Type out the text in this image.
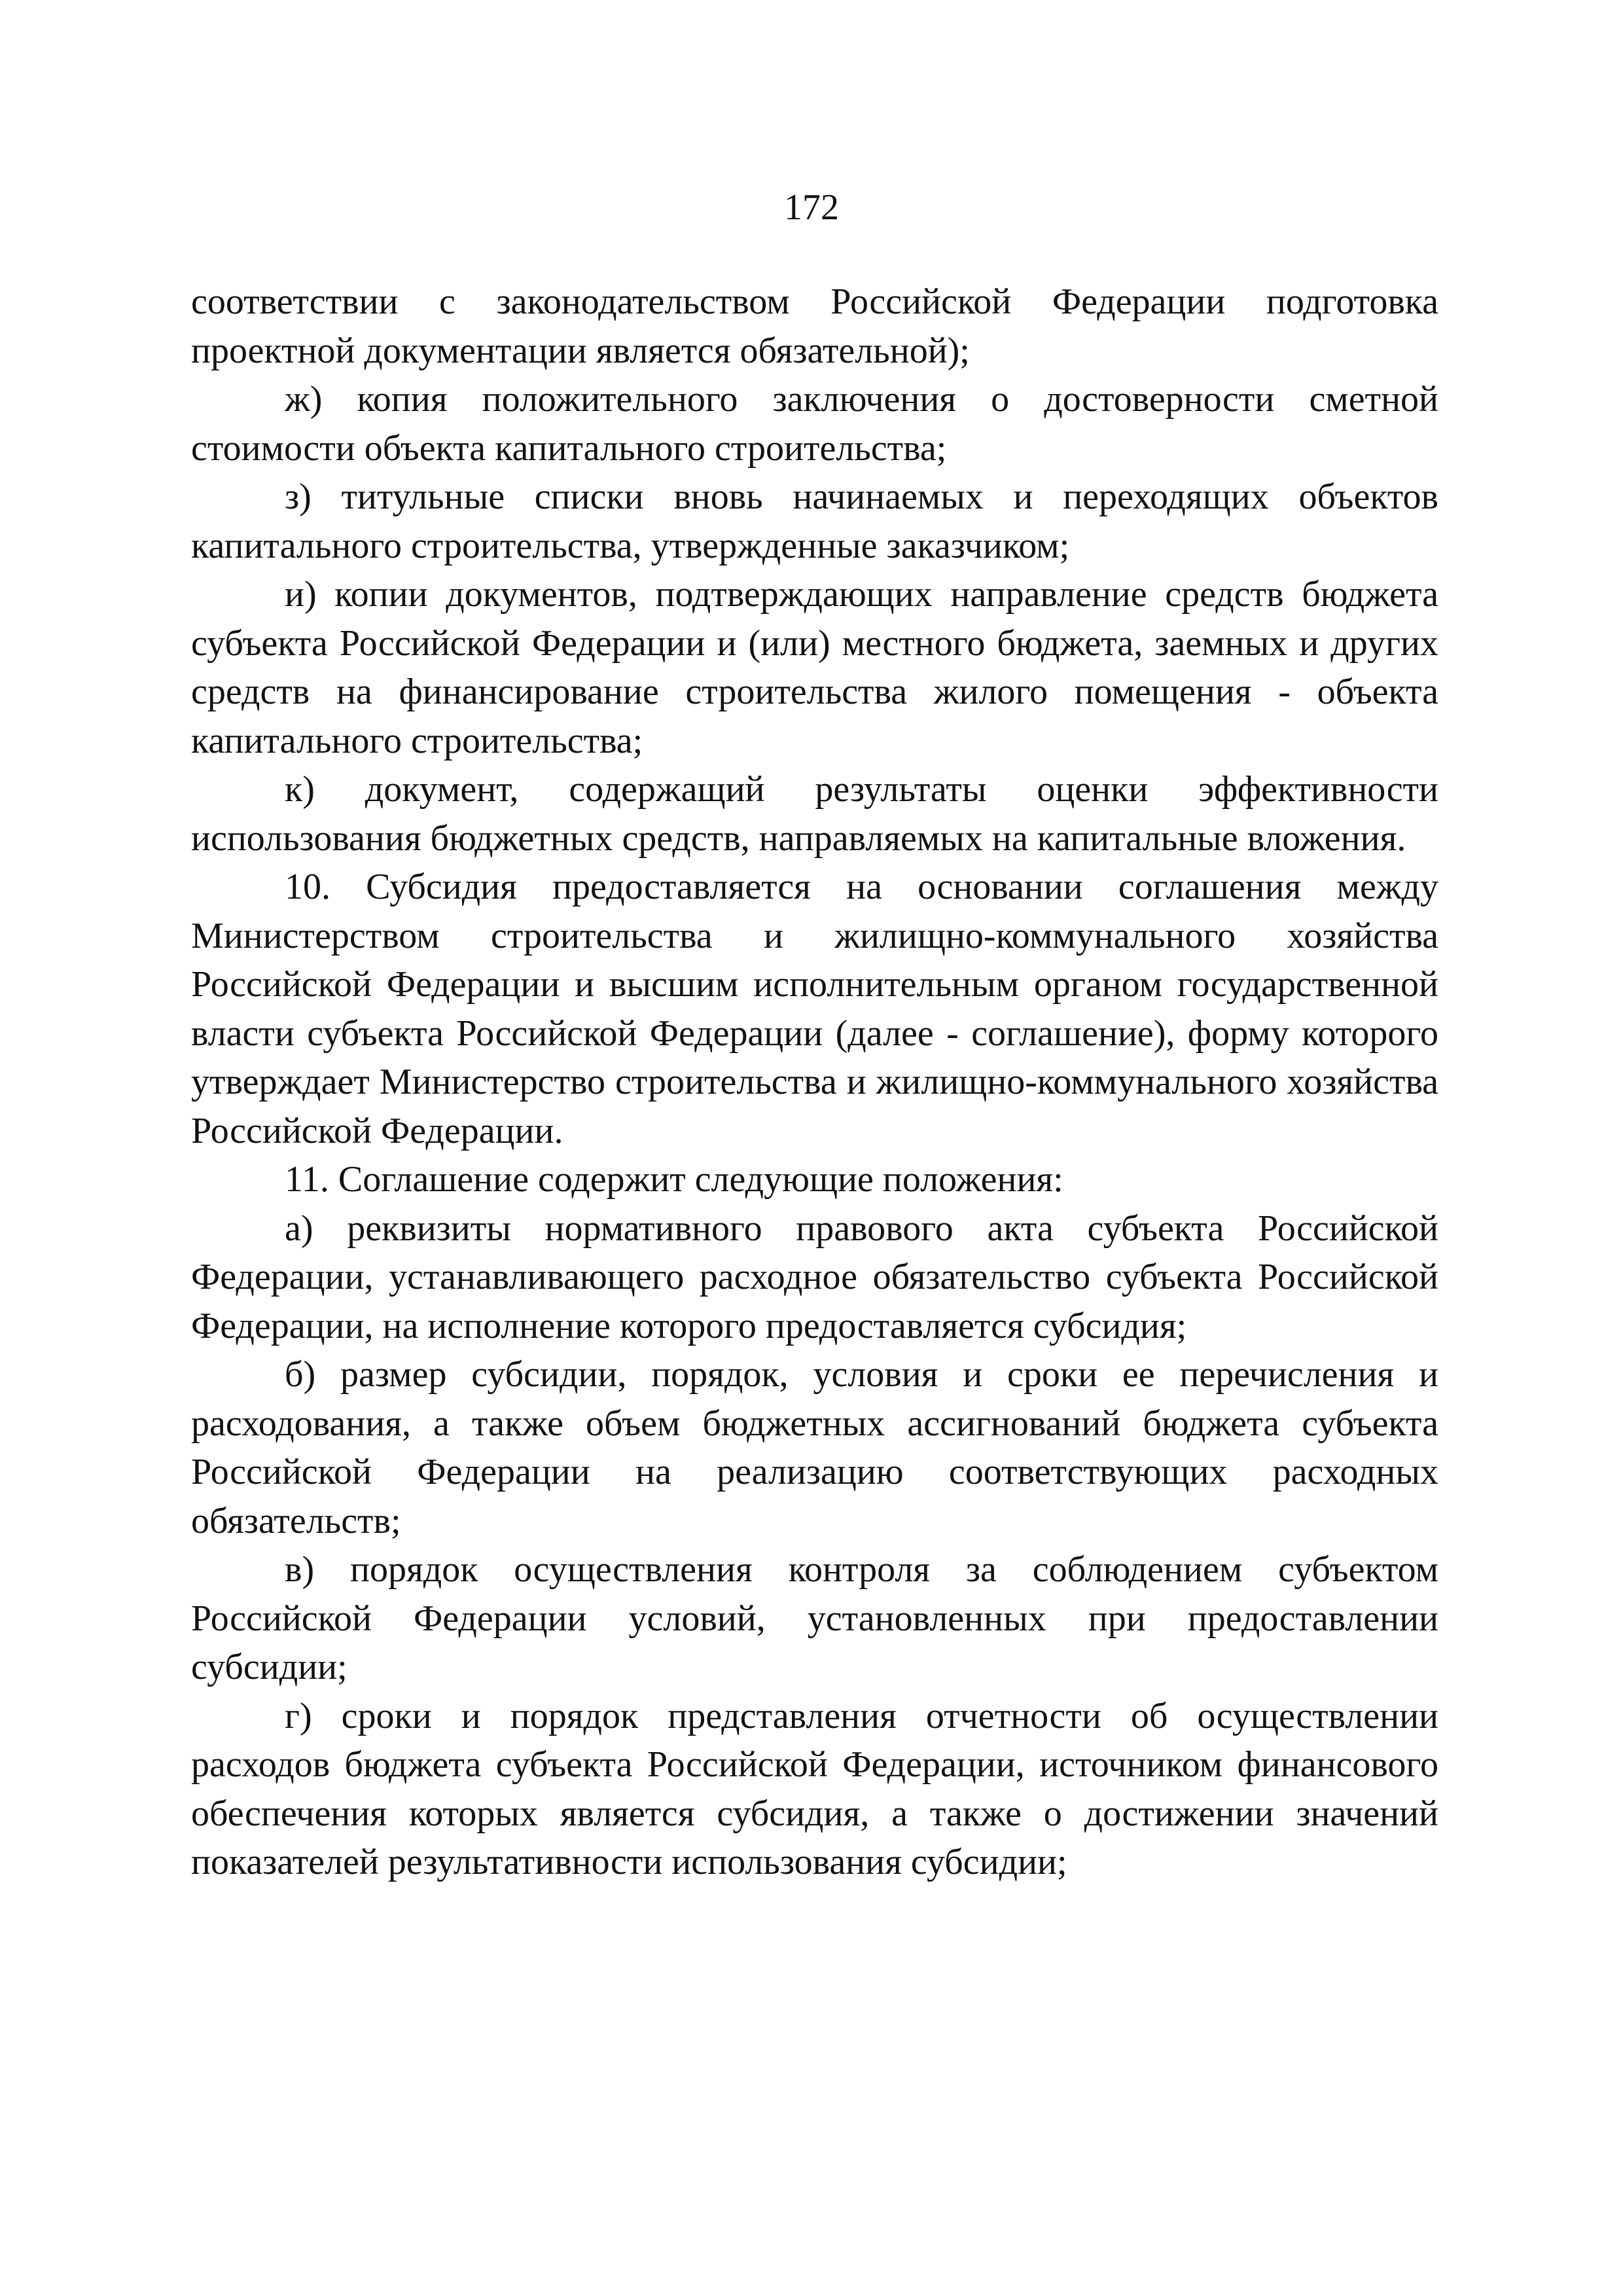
172

соответствии с законодательством Российской Федерации подготовка проектной документации является обязательной);

ж) копия положительного заключения о достоверности сметной стоимости объекта капитального строительства;

з) титульные списки вновь начинаемых и переходящих объектов капитального строительства, утвержденные заказчиком;

и) копии документов, подтверждающих направление средств бюджета субъекта Российской Федерации и (или) местного бюджета, заемных и других средств на финансирование строительства жилого помещения - объекта капитального строительства;

к) документ, содержащий результаты оценки эффективности использования бюджетных средств, направляемых на капитальные вложения.

10. Субсидия предоставляется на основании соглашения между Министерством строительства и жилищно-коммунального хозяйства Российской Федерации и высшим исполнительным органом государственной власти субъекта Российской Федерации (далее - соглашение), форму которого утверждает Министерство строительства и жилищно-коммунального хозяйства Российской Федерации.

11. Соглашение содержит следующие положения:

а) реквизиты нормативного правового акта субъекта Российской Федерации, устанавливающего расходное обязательство субъекта Российской Федерации, на исполнение которого предоставляется субсидия;

б) размер субсидии, порядок, условия и сроки ее перечисления и расходования, а также объем бюджетных ассигнований бюджета субъекта Российской Федерации на реализацию соответствующих расходных обязательств;

в) порядок осуществления контроля за соблюдением субъектом Российской Федерации условий, установленных при предоставлении субсидии;

г) сроки и порядок представления отчетности об осуществлении расходов бюджета субъекта Российской Федерации, источником финансового обеспечения которых является субсидия, а также о достижении значений показателей результативности использования субсидии;
